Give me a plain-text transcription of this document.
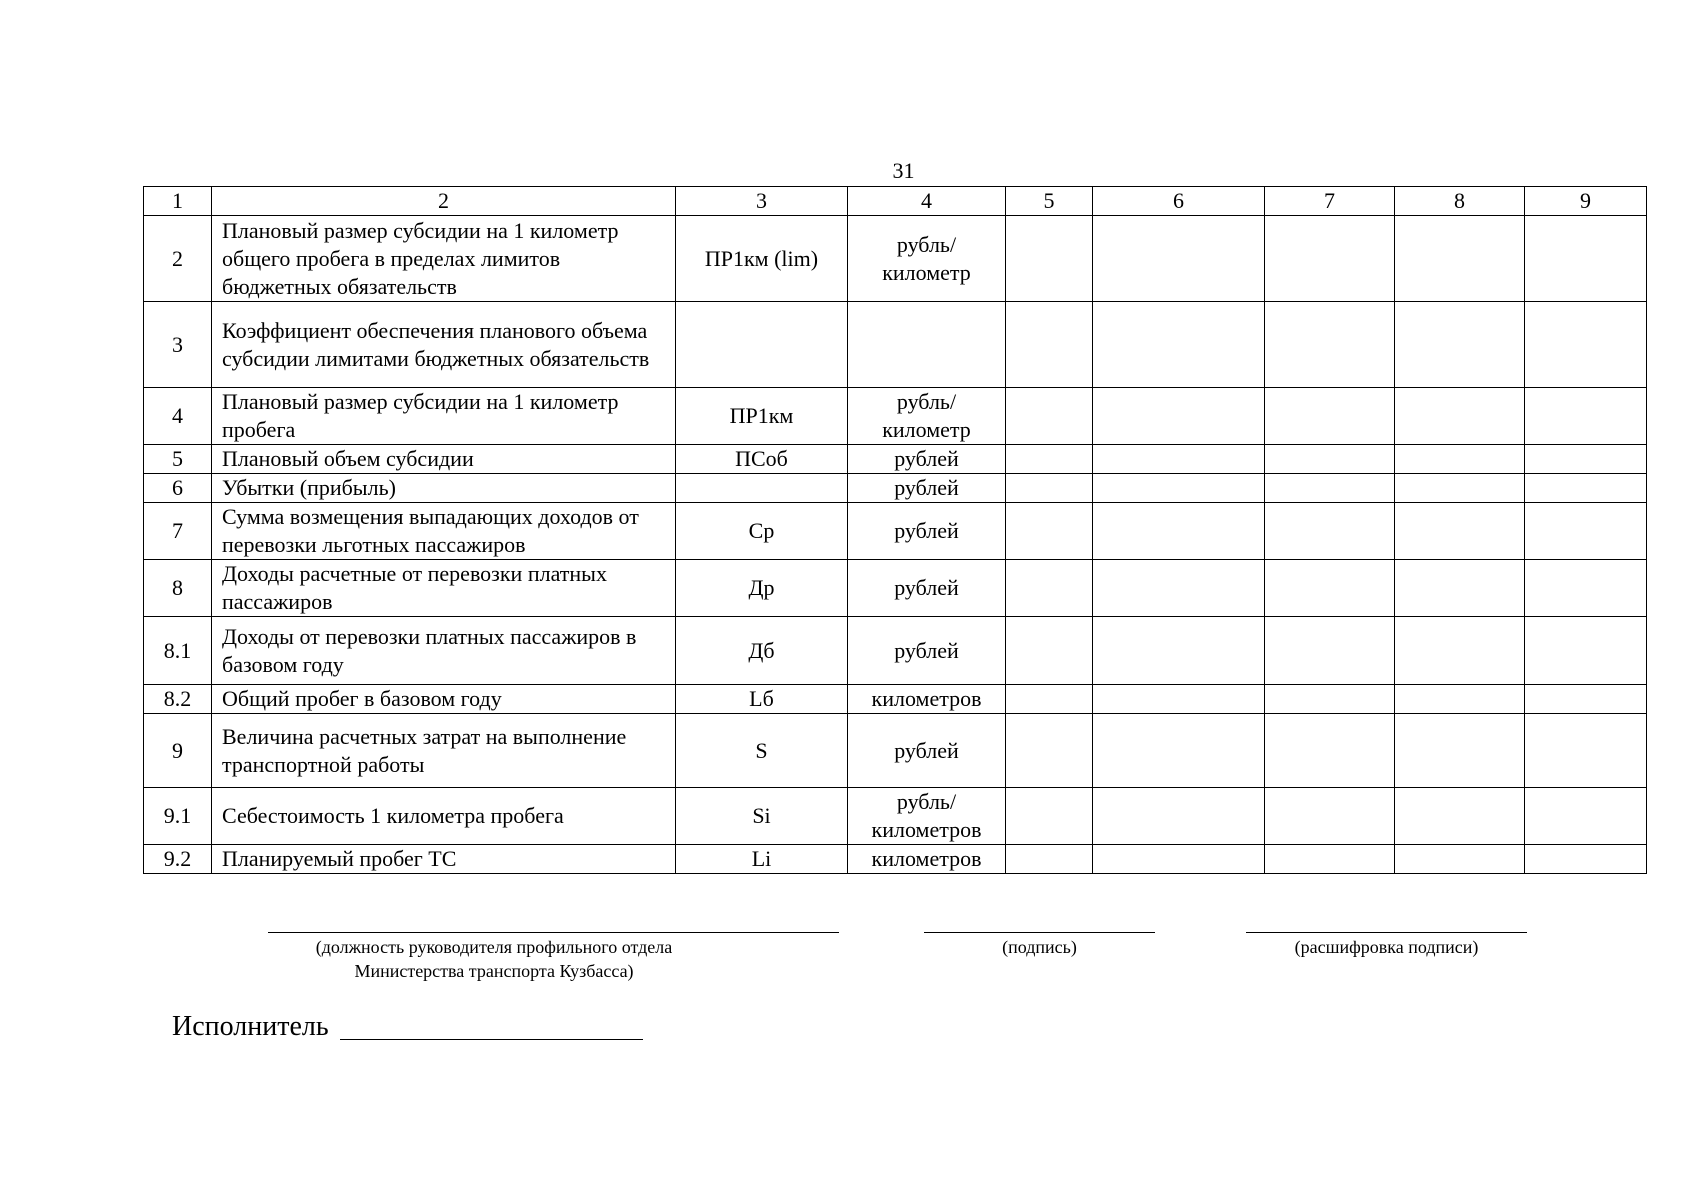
31
1	2	3	4	5	6	7	8	9
2	Плановый размер субсидии на 1 километр общего пробега в пределах лимитов бюджетных обязательств	ПР1км (lim)	рубль/ километр					
3	Коэффициент обеспечения планового объема субсидии лимитами бюджетных обязательств							
4	Плановый размер субсидии на 1 километр пробега	ПР1км	рубль/ километр					
5	Плановый объем субсидии	ПСоб	рублей					
6	Убытки (прибыль)		рублей					
7	Сумма возмещения выпадающих доходов от перевозки льготных пассажиров	Ср	рублей					
8	Доходы расчетные от перевозки платных пассажиров	Др	рублей					
8.1	Доходы от перевозки платных пассажиров в базовом году	Дб	рублей					
8.2	Общий пробег в базовом году	Lб	километров					
9	Величина расчетных затрат на выполнение транспортной работы	S	рублей					
9.1	Себестоимость 1 километра пробега	Si	рубль/ километров					
9.2	Планируемый пробег ТС	Li	километров					
(должность руководителя профильного отдела
Министерства транспорта Кузбасса)
(подпись)	(расшифровка подписи)
Исполнитель
